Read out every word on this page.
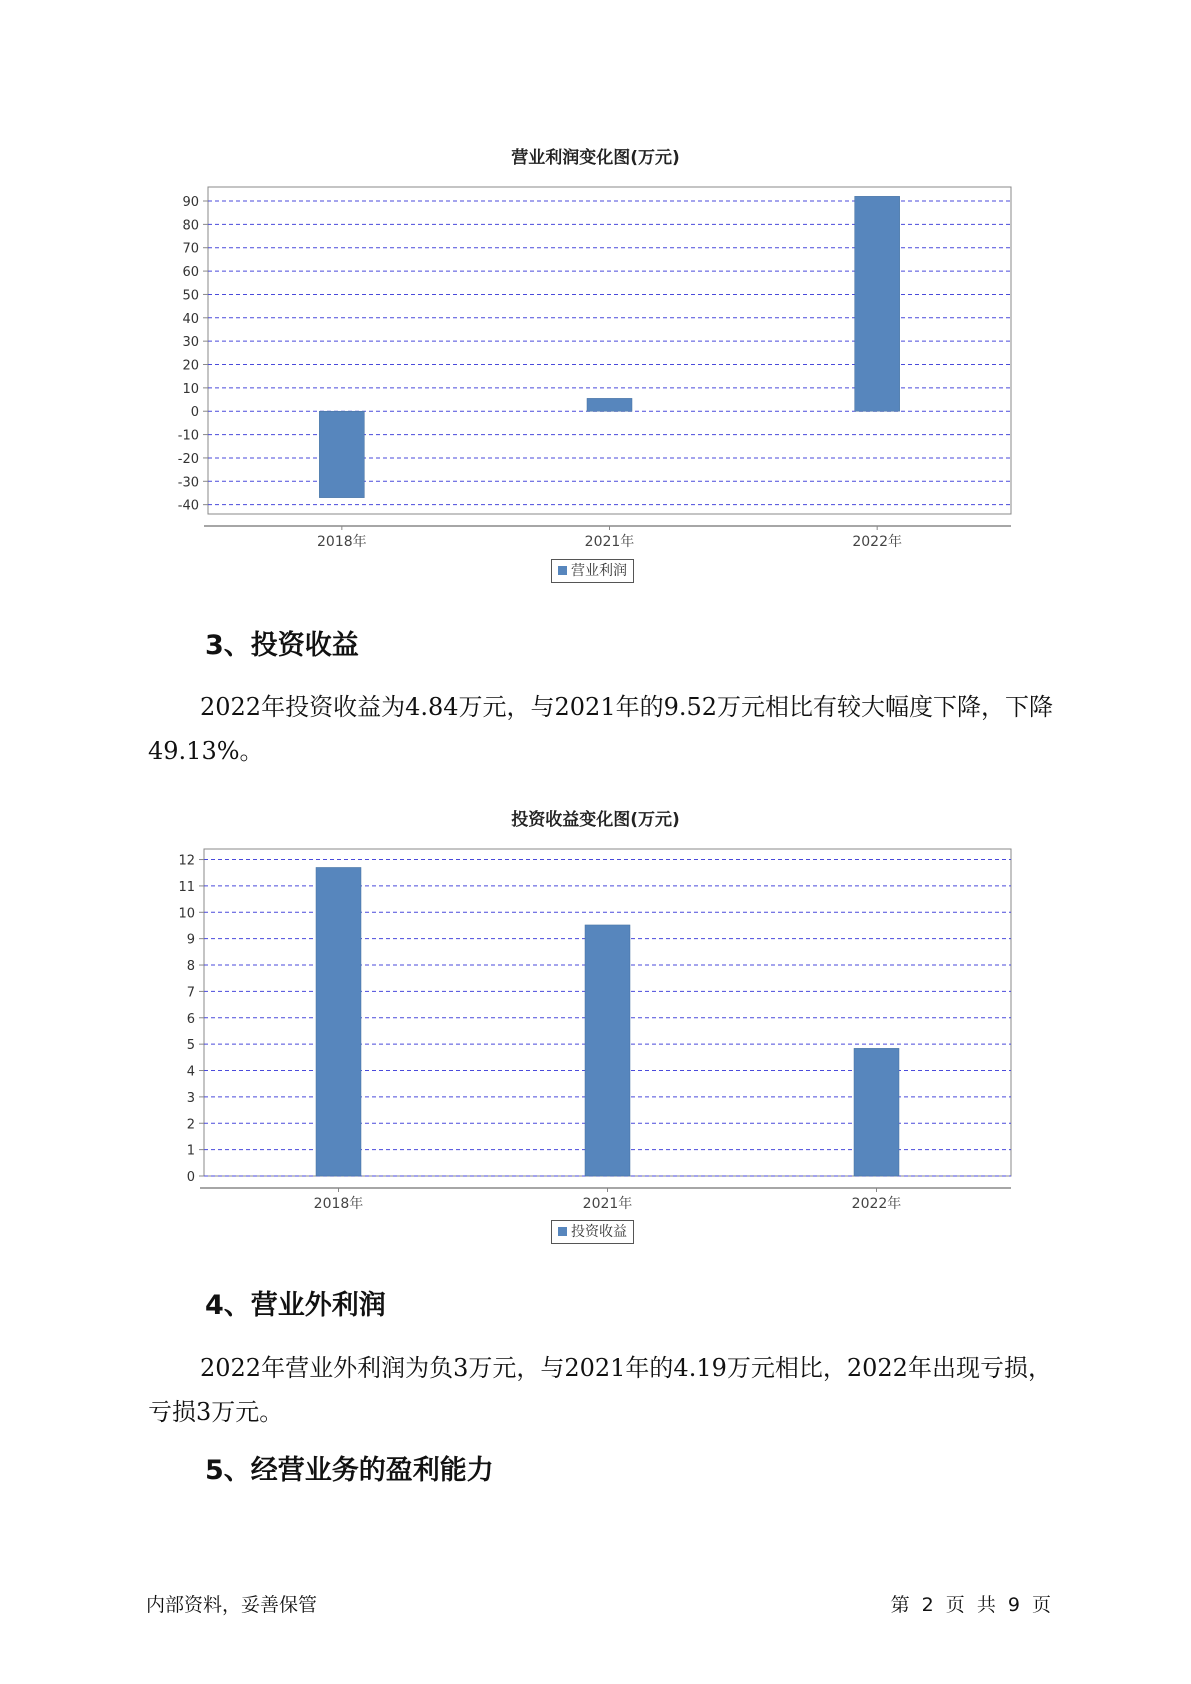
营业利润变化图(万元)
90
80
70
60
50
40
30
20
10
0
-10
-20
-30
-40
2018年	2021年	2022年
营业利润
3、投资收益

2022年投资收益为4.84万元，与2021年的9.52万元相比有较大幅度下降，下降49.13%。

投资收益变化图(万元)
12
11
10
9
8
7
6
5
4
3
2
1
0
2018年	2021年	2022年
投资收益
4、营业外利润

2022年营业外利润为负3万元，与2021年的4.19万元相比，2022年出现亏损，亏损3万元。

5、经营业务的盈利能力
内部资料，妥善保管	第 2 页 共 9 页
